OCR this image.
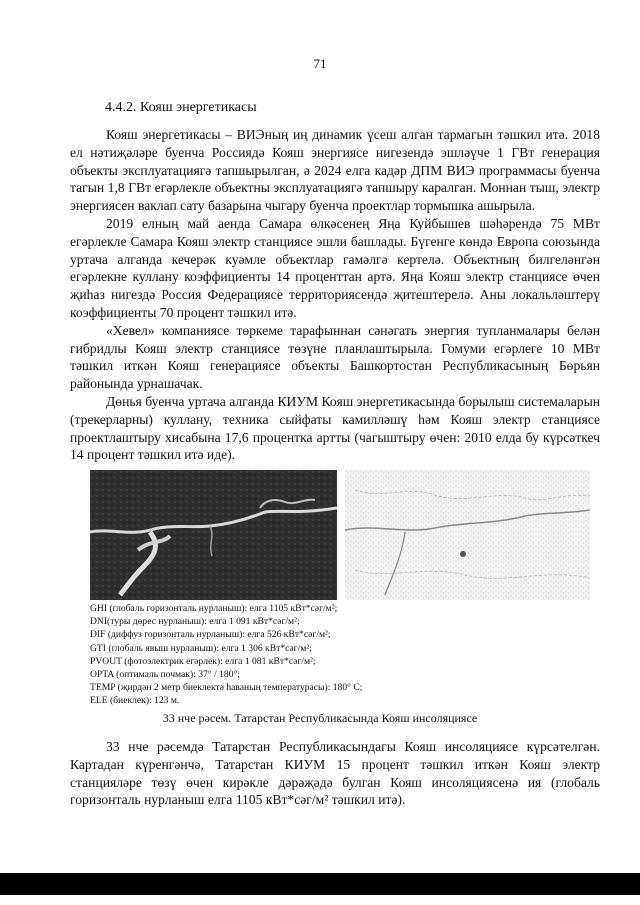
71
4.4.2. Кояш энергетикасы

Кояш энергетикасы – ВИЭның иң динамик үсеш алган тармагын тәшкил итә. 2018 ел нәтиҗәләре буенча Россиядә Кояш энергиясе нигезендә эшләүче 1 ГВт генерация объекты эксплуатациягә тапшырылган, ә 2024 елга кадәр ДПМ ВИЭ программасы буенча тагын 1,8 ГВт егәрлекле объектны эксплуатациягә тапшыру каралган. Моннан тыш, электр энергиясен ваклап сату базарына чыгару буенча проектлар тормышка ашырыла.

2019 елның май аенда Самара өлкәсенең Яңа Куйбышев шәһәрендә 75 МВт егәрлекле Самара Кояш электр станциясе эшли башлады. Бүгенге көндә Европа союзында уртача алганда кечерәк куәмле объектлар гамәлгә кертелә. Объектның билгеләнгән егәрлекне куллану коэффициенты 14 проценттан артә. Яңа Кояш электр станциясе өчен җиһаз нигездә Россия Федерациясе территориясендә җитештерелә. Аны локальләштерү коэффициенты 70 процент тәшкил итә.

«Хевел» компаниясе төркеме тарафыннан сәнәгать энергия тупланмалары белән гибридлы Кояш электр станциясе төзүне планлаштырыла. Гомуми егәрлеге 10 МВт тәшкил иткән Кояш генерациясе объекты Башкортостан Республикасының Бөрьян районында урнашачак.

Дөнья буенча уртача алганда КИУМ Кояш энергетикасында борылыш системаларын (трекерларны) куллану, техника сыйфаты камилләшү һәм Кояш электр станциясе проектлаштыру хисабына 17,6 процентка артты (чагыштыру өчен: 2010 елда бу күрсәткеч 14 процент тәшкил итә иде).

GHI (глобаль горизонталь нурланыш): елга 1105 кВт*сәг/м²;
DNI(туры дөрес нурланыш): елга 1 091 кВт*сәг/м²;
DIF (диффуз горизонталь нурланыш): елга 526 кВт*сәг/м²;
GTI (глобаль явыш нурланыш): елга 1 306 кВт*сәг/м²;
PVOUT (фотоэлектрик егәрлек): елга 1 081 кВт*сәг/м²;
OPTA (оптималь почмак): 37° / 180°;
TEMP (җирдән 2 метр биеклектә һаваның температурасы): 180° С;
ELE (биеклек): 123 м.
33 нче рәсем. Татарстан Республикасында Кояш инсоляциясе

33 нче рәсемдә Татарстан Республикасындагы Кояш инсоляциясе күрсәтелгән. Картадан күренгәнчә, Татарстан КИУМ 15 процент тәшкил иткән Кояш электр станцияләре төзү өчен кирәкле дәрәҗәдә булган Кояш инсоляциясенә ия (глобаль горизонталь нурланыш елга 1105 кВт*сәг/м² тәшкил итә).
